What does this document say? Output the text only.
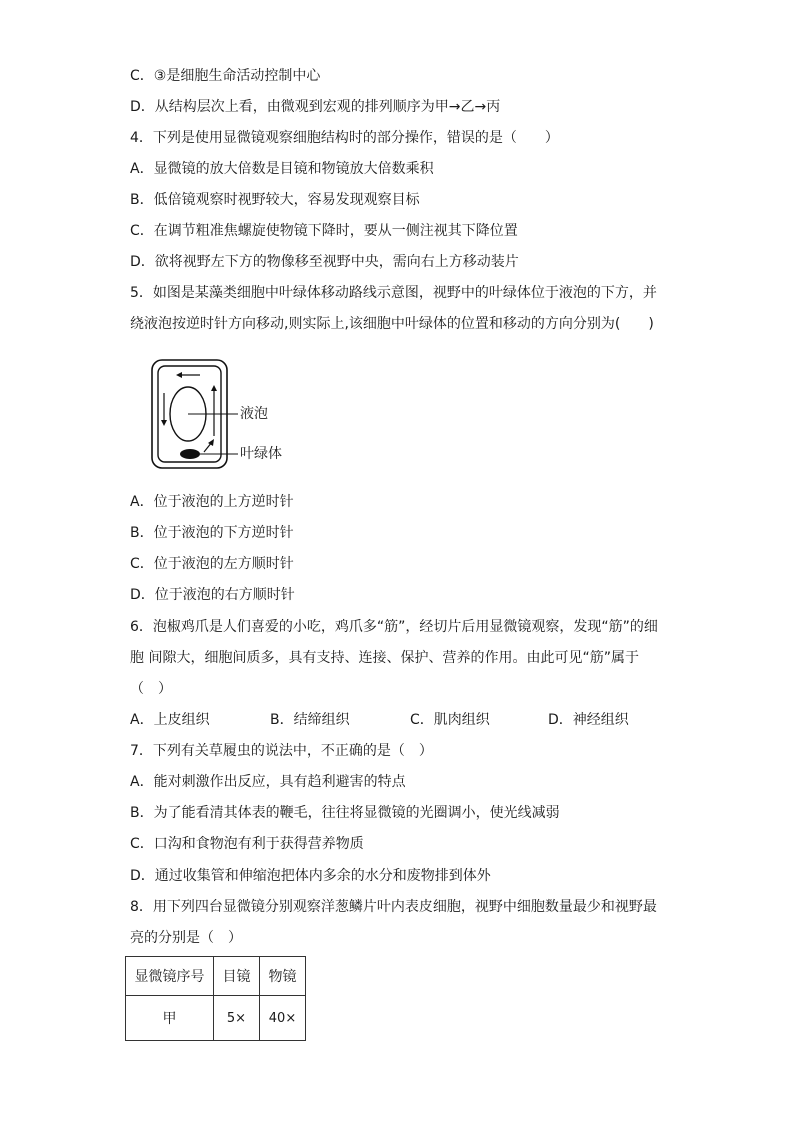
C．③是细胞生命活动控制中心
D．从结构层次上看，由微观到宏观的排列顺序为甲→乙→丙
4．下列是使用显微镜观察细胞结构时的部分操作，错误的是（　　）
A．显微镜的放大倍数是目镜和物镜放大倍数乘积
B．低倍镜观察时视野较大，容易发现观察目标
C．在调节粗准焦螺旋使物镜下降时，要从一侧注视其下降位置
D．欲将视野左下方的物像移至视野中央，需向右上方移动装片
5．如图是某藻类细胞中叶绿体移动路线示意图，视野中的叶绿体位于液泡的下方，并
绕液泡按逆时针方向移动,则实际上,该细胞中叶绿体的位置和移动的方向分别为(　　)
液泡
叶绿体
A．位于液泡的上方逆时针
B．位于液泡的下方逆时针
C．位于液泡的左方顺时针
D．位于液泡的右方顺时针
6．泡椒鸡爪是人们喜爱的小吃，鸡爪多“筋”，经切片后用显微镜观察，发现“筋”的细
胞 间隙大，细胞间质多，具有支持、连接、保护、营养的作用。由此可见“筋”属于
（　）
A．上皮组织	B．结缔组织	C．肌肉组织	D．神经组织
7．下列有关草履虫的说法中，不正确的是（　）
A．能对刺激作出反应，具有趋利避害的特点
B．为了能看清其体表的鞭毛，往往将显微镜的光圈调小，使光线减弱
C．口沟和食物泡有利于获得营养物质
D．通过收集管和伸缩泡把体内多余的水分和废物排到体外
8．用下列四台显微镜分别观察洋葱鳞片叶内表皮细胞，视野中细胞数量最少和视野最
亮的分别是（　）
显微镜序号	目镜	物镜
甲	5×	40×
